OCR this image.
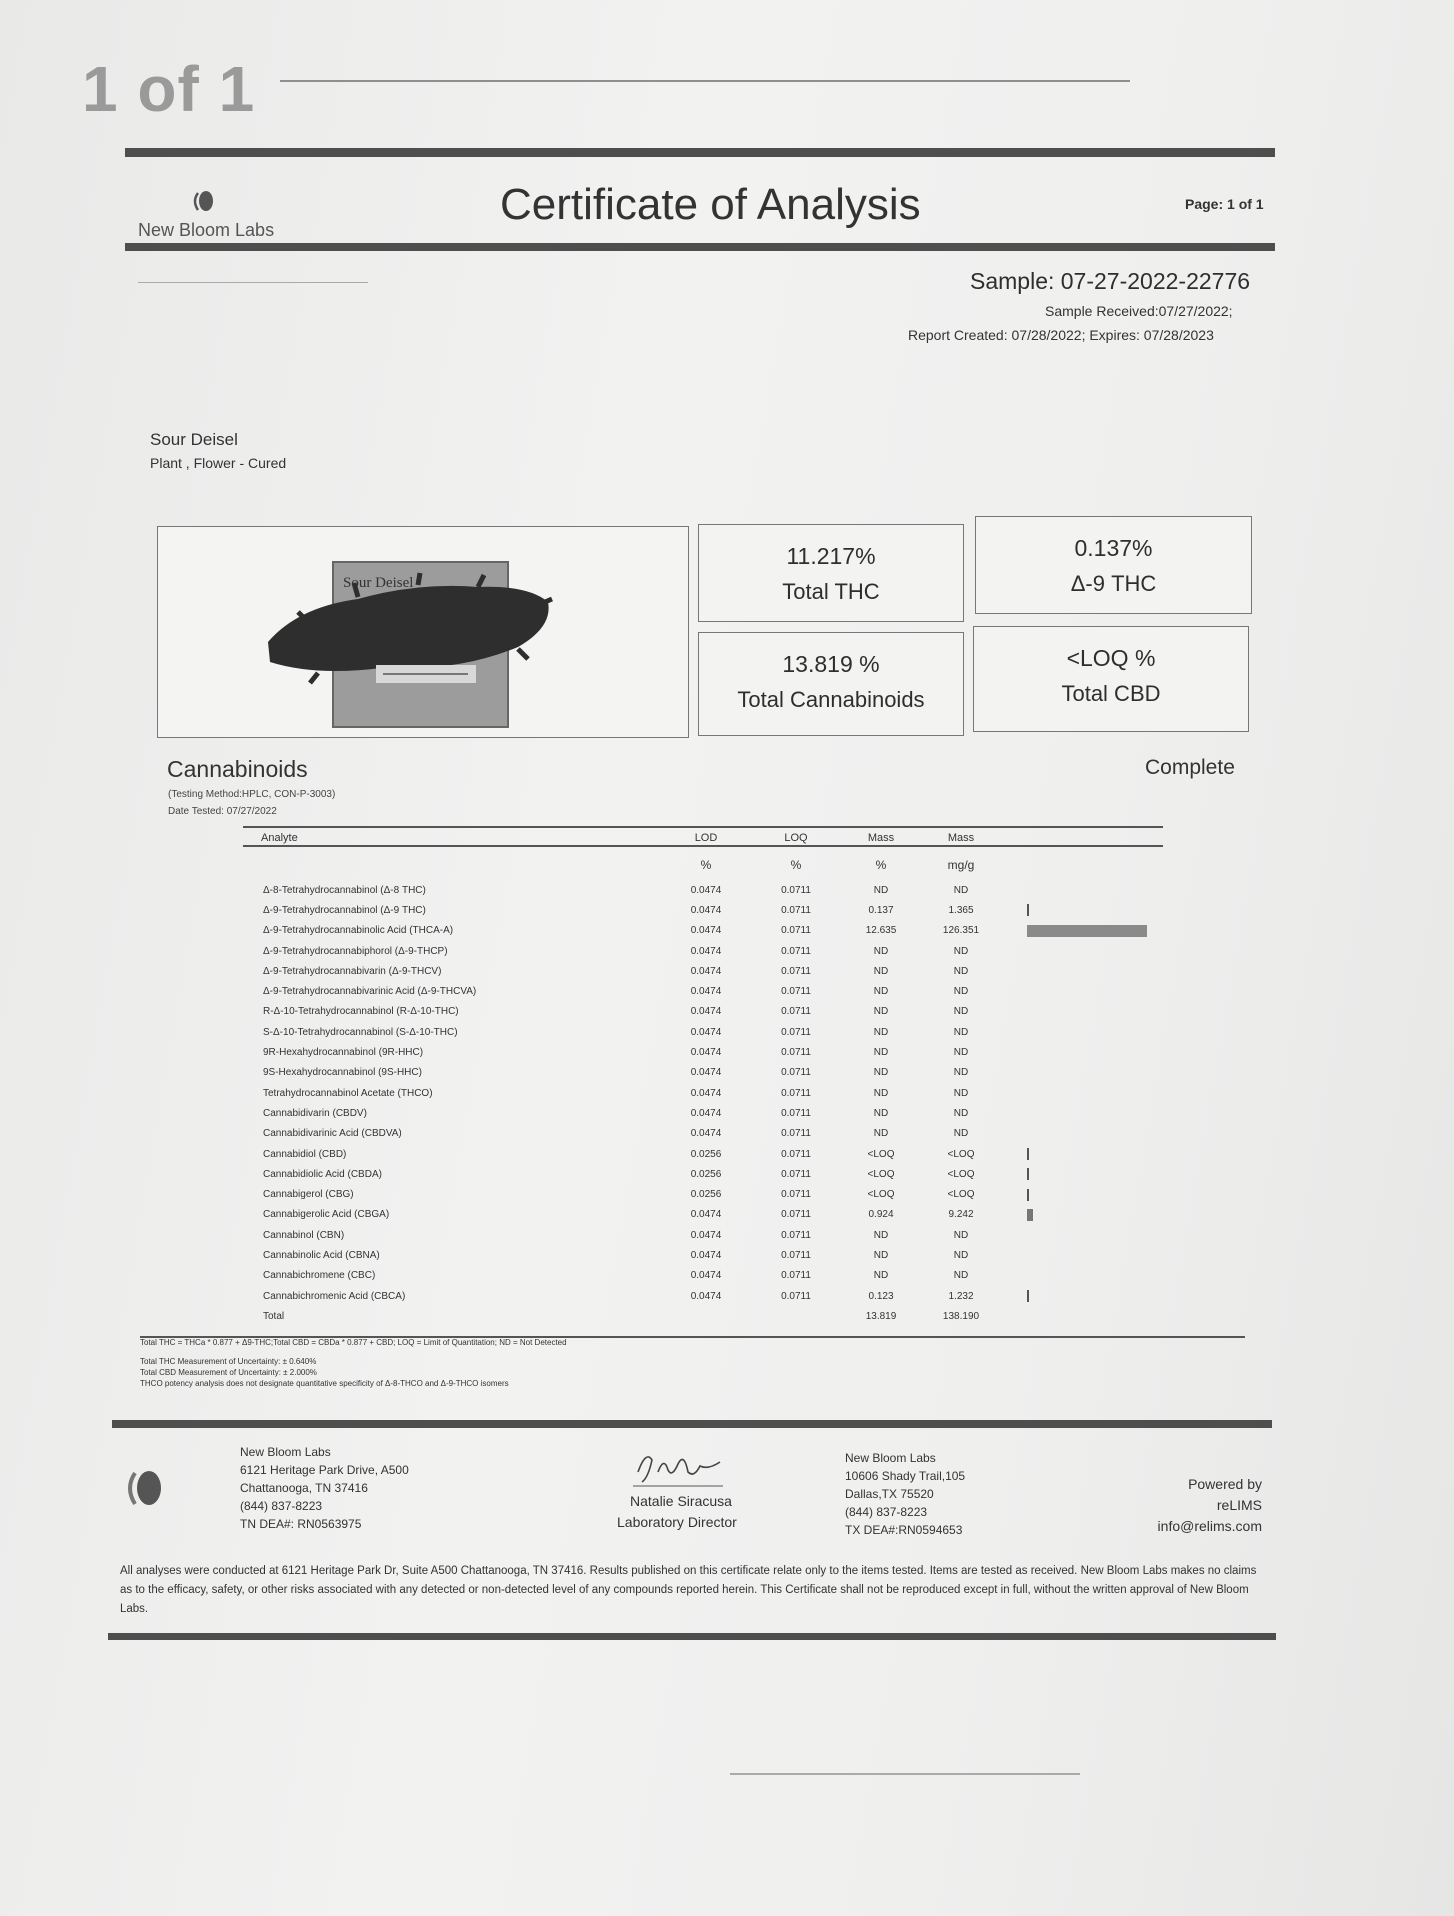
1 of 1
New Bloom Labs
Certificate of Analysis	Page: 1 of 1
Sample: 07-27-2022-22776
Sample Received:07/27/2022;
Report Created: 07/28/2022; Expires: 07/28/2023
Sour Deisel
Plant , Flower - Cured
Sour Deisel
11.217%
Total THC
0.137%
Δ-9 THC
13.819 %
Total Cannabinoids
<LOQ %
Total CBD
Cannabinoids	Complete
(Testing Method:HPLC, CON-P-3003)
Date Tested: 07/27/2022
Analyte	LOD	LOQ	Mass	Mass	
	%	%	%	mg/g	
Δ-8-Tetrahydrocannabinol (Δ-8 THC)	0.0474	0.0711	ND	ND	
Δ-9-Tetrahydrocannabinol (Δ-9 THC)	0.0474	0.0711	0.137	1.365	
Δ-9-Tetrahydrocannabinolic Acid (THCA-A)	0.0474	0.0711	12.635	126.351	
Δ-9-Tetrahydrocannabiphorol (Δ-9-THCP)	0.0474	0.0711	ND	ND	
Δ-9-Tetrahydrocannabivarin (Δ-9-THCV)	0.0474	0.0711	ND	ND	
Δ-9-Tetrahydrocannabivarinic Acid (Δ-9-THCVA)	0.0474	0.0711	ND	ND	
R-Δ-10-Tetrahydrocannabinol (R-Δ-10-THC)	0.0474	0.0711	ND	ND	
S-Δ-10-Tetrahydrocannabinol (S-Δ-10-THC)	0.0474	0.0711	ND	ND	
9R-Hexahydrocannabinol (9R-HHC)	0.0474	0.0711	ND	ND	
9S-Hexahydrocannabinol (9S-HHC)	0.0474	0.0711	ND	ND	
Tetrahydrocannabinol Acetate (THCO)	0.0474	0.0711	ND	ND	
Cannabidivarin (CBDV)	0.0474	0.0711	ND	ND	
Cannabidivarinic Acid (CBDVA)	0.0474	0.0711	ND	ND	
Cannabidiol (CBD)	0.0256	0.0711	<LOQ	<LOQ	
Cannabidiolic Acid (CBDA)	0.0256	0.0711	<LOQ	<LOQ	
Cannabigerol (CBG)	0.0256	0.0711	<LOQ	<LOQ	
Cannabigerolic Acid (CBGA)	0.0474	0.0711	0.924	9.242	
Cannabinol (CBN)	0.0474	0.0711	ND	ND	
Cannabinolic Acid (CBNA)	0.0474	0.0711	ND	ND	
Cannabichromene (CBC)	0.0474	0.0711	ND	ND	
Cannabichromenic Acid (CBCA)	0.0474	0.0711	0.123	1.232	
Total			13.819	138.190	
Total THC = THCa * 0.877 + Δ9-THC;Total CBD = CBDa * 0.877 + CBD; LOQ = Limit of Quantitation; ND = Not Detected
Total THC Measurement of Uncertainty: ± 0.640%
Total CBD Measurement of Uncertainty: ± 2.000%
THCO potency analysis does not designate quantitative specificity of Δ-8-THCO and Δ-9-THCO isomers
New Bloom Labs
6121 Heritage Park Drive, A500
Chattanooga, TN 37416
(844) 837-8223
TN DEA#: RN0563975
Natalie Siracusa
Laboratory Director
New Bloom Labs
10606 Shady Trail,105
Dallas,TX 75520
(844) 837-8223
TX DEA#:RN0594653
Powered by
reLIMS
info@relims.com
All analyses were conducted at 6121 Heritage Park Dr, Suite A500 Chattanooga, TN 37416. Results published on this certificate relate only to the items tested. Items are tested as received. New Bloom Labs makes no claims as to the efficacy, safety, or other risks associated with any detected or non-detected level of any compounds reported herein. This Certificate shall not be reproduced except in full, without the written approval of New Bloom Labs.
